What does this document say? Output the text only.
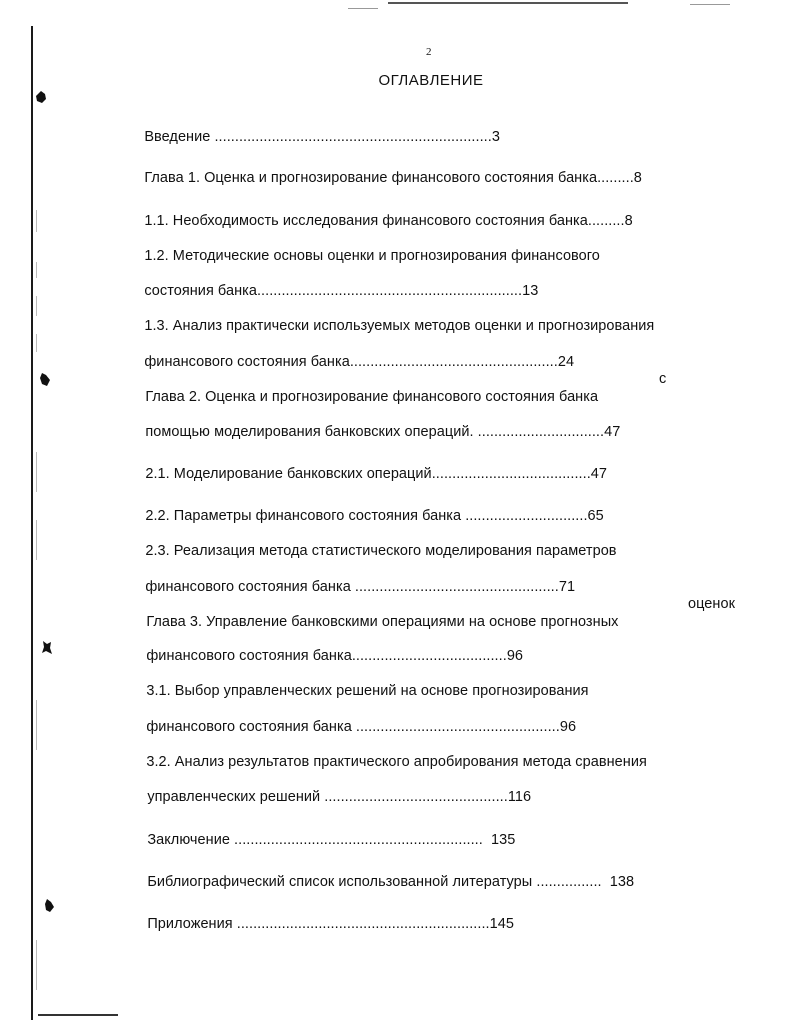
2
ОГЛАВЛЕНИЕ

Введение ....................................................................3

Глава 1. Оценка и прогнозирование финансового состояния банка.........8

1.1. Необходимость исследования финансового состояния банка.........8

1.2. Методические основы оценки и прогнозирования финансового

состояния банка.................................................................13

1.3. Анализ практически используемых методов оценки и прогнозирования

финансового состояния банка...................................................24

Глава 2. Оценка и прогнозирование финансового состояния банка

с

помощью моделирования банковских операций. ...............................47

2.1. Моделирование банковских операций.......................................47

2.2. Параметры финансового состояния банка ..............................65

2.3. Реализация метода статистического моделирования параметров

финансового состояния банка ..................................................71

Глава 3. Управление банковскими операциями на основе прогнозных

оценок

финансового состояния банка......................................96

3.1. Выбор управленческих решений на основе прогнозирования

финансового состояния банка ..................................................96

3.2. Анализ результатов практического апробирования метода сравнения

управленческих решений .............................................116

Заключение ............................................................. 135

Библиографический список использованной литературы ................ 138

Приложения ..............................................................145
